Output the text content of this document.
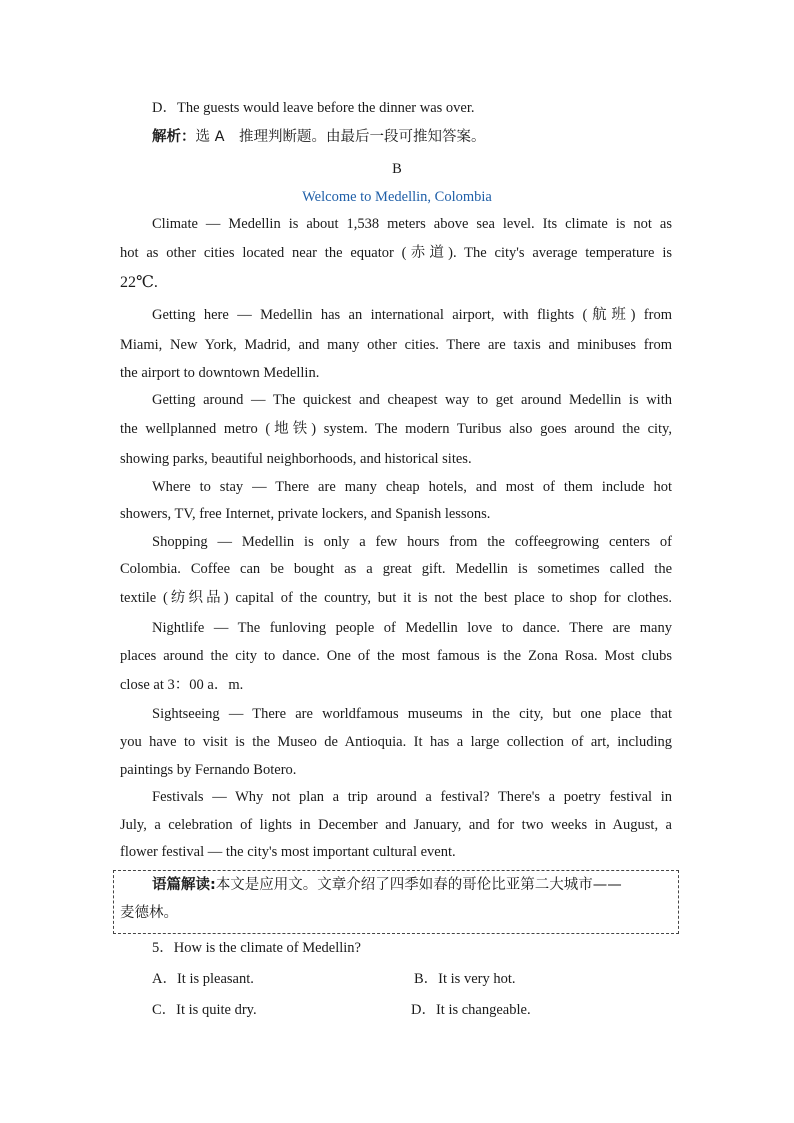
D．The guests would leave before the dinner was over.
解析：选 A　推理判断题。由最后一段可推知答案。
B
Welcome to Medellin, Colombia
Climate — Medellin is about 1,538 meters above sea level. Its climate is not as
hot as other cities located near the equator (赤道). The city's average temperature is
22℃.
Getting here — Medellin has an international airport, with flights (航班) from
Miami, New York, Madrid, and many other cities. There are taxis and minibuses from
the airport to downtown Medellin.
Getting around — The quickest and cheapest way to get around Medellin is with
the wellplanned metro (地铁) system. The modern Turibus also goes around the city,
showing parks, beautiful neighborhoods, and historical sites.
Where to stay — There are many cheap hotels, and most of them include hot
showers, TV, free Internet, private lockers, and Spanish lessons.
Shopping — Medellin is only a few hours from the coffeegrowing centers of
Colombia. Coffee can be bought as a great gift. Medellin is sometimes called the
textile (纺织品) capital of the country, but it is not the best place to shop for clothes.
Nightlife — The funloving people of Medellin love to dance. There are many
places around the city to dance. One of the most famous is the Zona Rosa. Most clubs
close at 3：00 a．m.
Sightseeing — There are worldfamous museums in the city, but one place that
you have to visit is the Museo de Antioquia. It has a large collection of art, including
paintings by Fernando Botero.
Festivals — Why not plan a trip around a festival? There's a poetry festival in
July, a celebration of lights in December and January, and for two weeks in August, a
flower festival — the city's most important cultural event.
语篇解读:本文是应用文。文章介绍了四季如春的哥伦比亚第二大城市——
麦德林。
5．How is the climate of Medellin?
A．It is pleasant.	B．It is very hot.
C．It is quite dry.	D．It is changeable.
